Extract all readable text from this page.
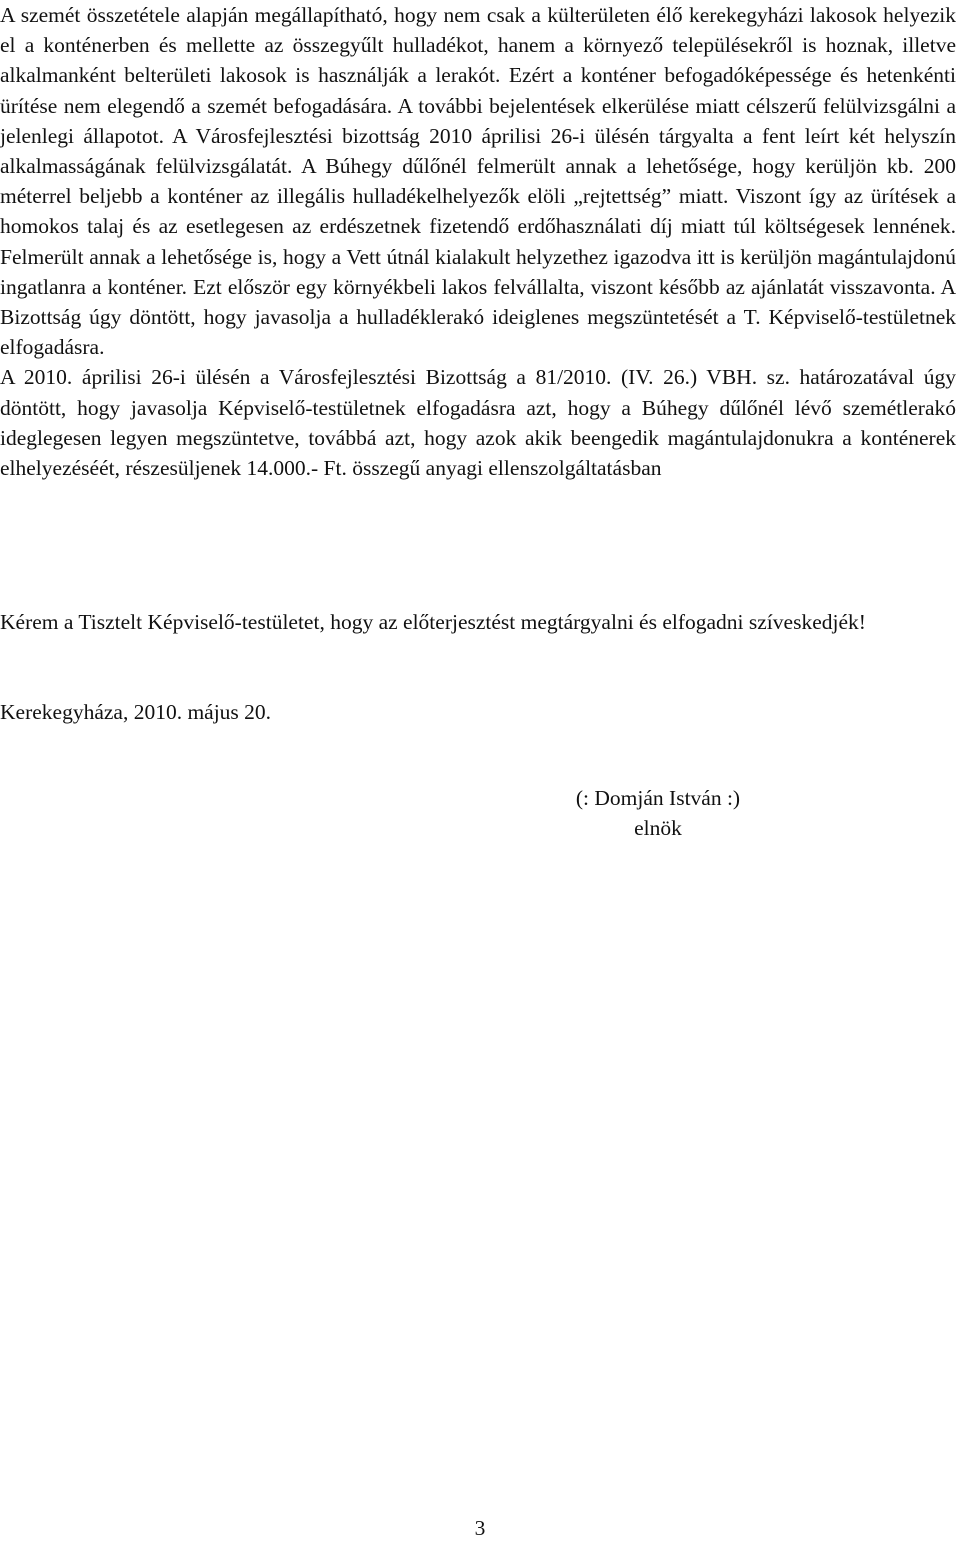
A szemét összetétele alapján megállapítható, hogy nem csak a külterületen élő kerekegyházi lakosok helyezik el a konténerben és mellette az összegyűlt hulladékot, hanem a környező településekről is hoznak, illetve alkalmanként belterületi lakosok is használják a lerakót. Ezért a konténer befogadóképessége és hetenkénti ürítése nem elegendő a szemét befogadására. A további bejelentések elkerülése miatt célszerű felülvizsgálni a jelenlegi állapotot. A Városfejlesztési bizottság 2010 áprilisi 26-i ülésén tárgyalta a fent leírt két helyszín alkalmasságának felülvizsgálatát. A Búhegy dűlőnél felmerült annak a lehetősége, hogy kerüljön kb. 200 méterrel beljebb a konténer az illegális hulladékelhelyezők elöli „rejtettség” miatt. Viszont így az ürítések a homokos talaj és az esetlegesen az erdészetnek fizetendő erdőhasználati díj miatt túl költségesek lennének. Felmerült annak a lehetősége is, hogy a Vett útnál kialakult helyzethez igazodva itt is kerüljön magántulajdonú ingatlanra a konténer. Ezt először egy környékbeli lakos felvállalta, viszont később az ajánlatát visszavonta. A Bizottság úgy döntött, hogy javasolja a hulladéklerakó ideiglenes megszüntetését a T. Képviselő-testületnek elfogadásra.

A 2010. áprilisi 26-i ülésén a Városfejlesztési Bizottság a 81/2010. (IV. 26.) VBH. sz. határozatával úgy döntött, hogy javasolja Képviselő-testületnek elfogadásra azt, hogy a Búhegy dűlőnél lévő szemétlerakó ideglegesen legyen megszüntetve, továbbá azt, hogy azok akik beengedik magántulajdonukra a konténerek elhelyezéséét, részesüljenek 14.000.- Ft. összegű anyagi ellenszolgáltatásban

Kérem a Tisztelt Képviselő-testületet, hogy az előterjesztést megtárgyalni és elfogadni szíveskedjék!

Kerekegyháza, 2010. május 20.

(: Domján István :)
elnök
3
